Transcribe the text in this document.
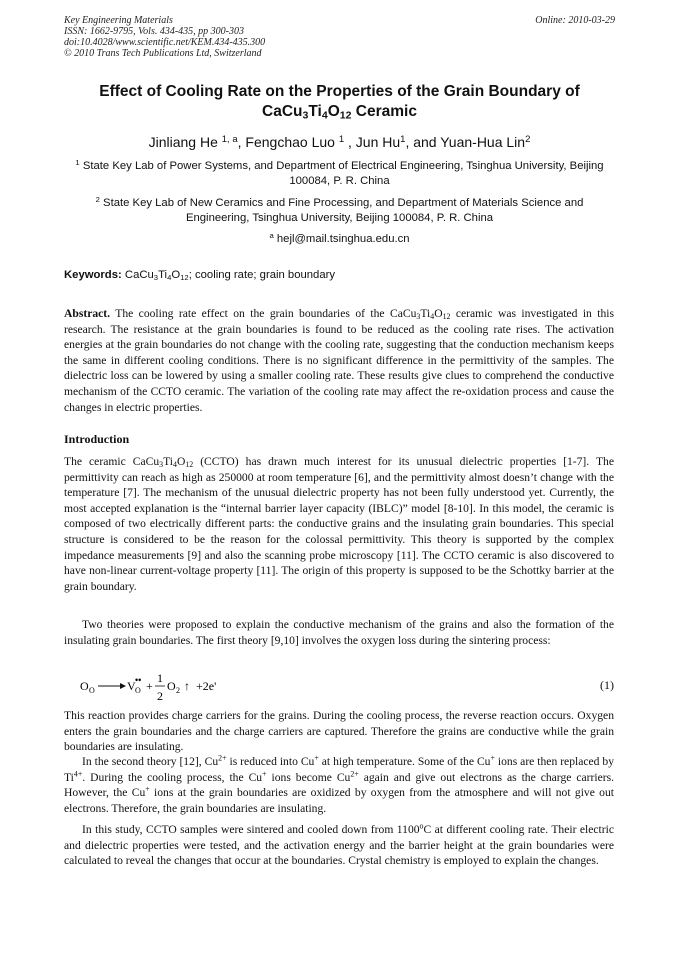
Key Engineering Materials
ISSN: 1662-9795, Vols. 434-435, pp 300-303
doi:10.4028/www.scientific.net/KEM.434-435.300
© 2010 Trans Tech Publications Ltd, Switzerland
Online: 2010-03-29
Effect of Cooling Rate on the Properties of the Grain Boundary of
$CaCu_3Ti_4O_{12}$ Ceramic
Jinliang He $^{1, a}$, Fengchao Luo $^1$ , Jun Hu$^1$, and Yuan-Hua Lin$^2$
$^1$ State Key Lab of Power Systems, and Department of Electrical Engineering, Tsinghua University, Beijing 100084, P. R. China
$^2$ State Key Lab of New Ceramics and Fine Processing, and Department of Materials Science and Engineering, Tsinghua University, Beijing 100084, P. R. China
$^a$ hejl@mail.tsinghua.edu.cn
Keywords: $CaCu_3Ti_4O_{12}$; cooling rate; grain boundary
Abstract. The cooling rate effect on the grain boundaries of the $CaCu_3Ti_4O_{12}$ ceramic was investigated in this research. The resistance at the grain boundaries is found to be reduced as the cooling rate rises. The activation energies at the grain boundaries do not change with the cooling rate, suggesting that the conduction mechanism keeps the same in different cooling conditions. There is no significant difference in the permittivity of the samples. The dielectric loss can be lowered by using a smaller cooling rate. These results give clues to comprehend the conductive mechanism of the CCTO ceramic. The variation of the cooling rate may affect the re-oxidation process and cause the changes in electric properties.
Introduction
The ceramic $CaCu_3Ti_4O_{12}$ (CCTO) has drawn much interest for its unusual dielectric properties [1-7]. The permittivity can reach as high as 250000 at room temperature [6], and the permittivity almost doesn’t change with the temperature [7]. The mechanism of the unusual dielectric property has not been fully understood yet. Currently, the most accepted explanation is the “internal barrier layer capacity (IBLC)” model [8-10]. In this model, the ceramic is composed of two electrically different parts: the conductive grains and the insulating grain boundaries. This special structure is considered to be the reason for the colossal permittivity. This theory is supported by the complex impedance measurements [9] and also the scanning probe microscopy [11]. The CCTO ceramic is also discovered to have non-linear current-voltage property [11]. The origin of this property is supposed to be the Schottky barrier at the grain boundary.
Two theories were proposed to explain the conductive mechanism of the grains and also the formation of the insulating grain boundaries. The first theory [9,10] involves the oxygen loss during the sintering process:
O O	V O
•• +
1
2
O 2 ↑ +2e'	(1)
This reaction provides charge carriers for the grains. During the cooling process, the reverse reaction occurs. Oxygen enters the grain boundaries and the charge carriers are captured. Therefore the grains are conductive while the grain boundaries are insulating.
In the second theory [12], $Cu^{2+}$ is reduced into Cu+ at high temperature. Some of the Cu+ ions are then replaced by $Ti^{4+}$. During the cooling process, the Cu+ ions become $Cu^{2+}$ again and give out electrons as the charge carriers. However, the Cu+ ions at the grain boundaries are oxidized by oxygen from the atmosphere and will not give out electrons. Therefore, the grain boundaries are insulating.
In this study, CCTO samples were sintered and cooled down from 1100$^o$C at different cooling rate. Their electric and dielectric properties were tested, and the activation energy and the barrier height at the grain boundaries were calculated to reveal the changes that occur at the boundaries. Crystal chemistry is employed to explain the changes.
